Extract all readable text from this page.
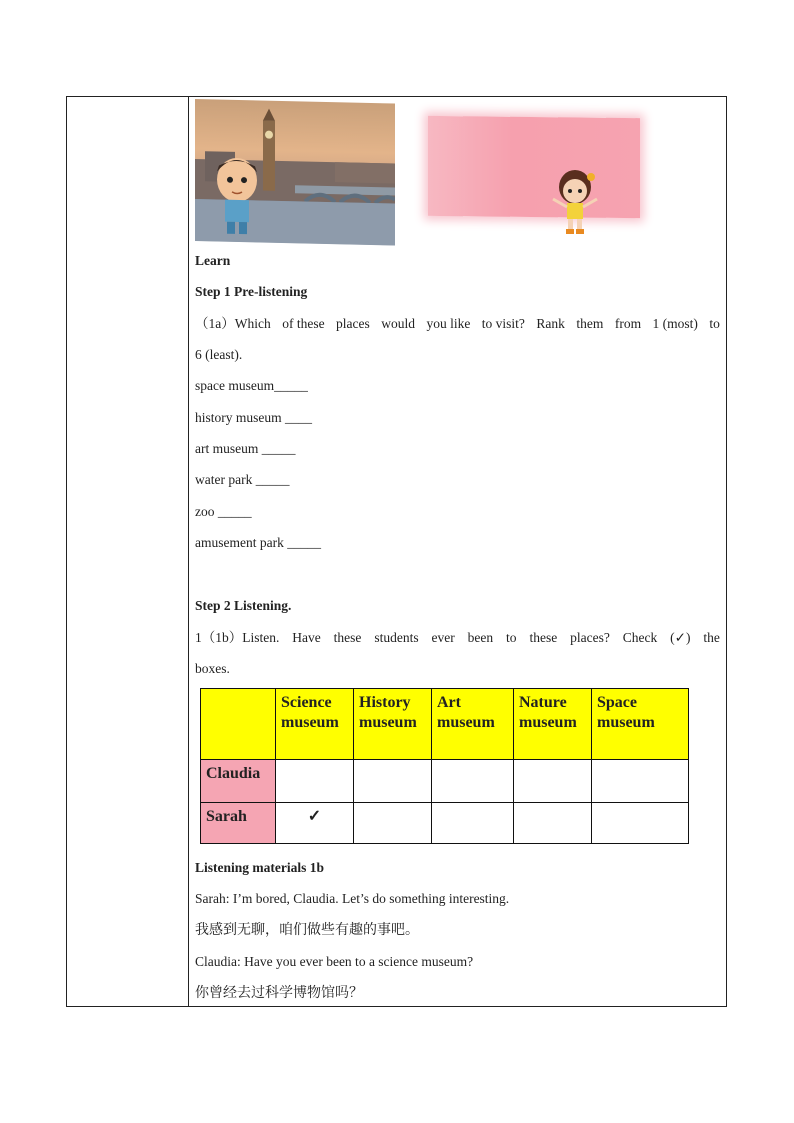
Learn
Step 1 Pre-listening
（1a）Which of these places would you like to visit? Rank them from 1 (most) to
6 (least).
space museum_____
history museum ____
art museum _____
water park _____
zoo _____
amusement park _____
Step 2 Listening.
1（1b）Listen. Have these students ever been to these places? Check (✓) the
boxes.
	Science museum	History museum	Art museum	Nature museum	Space museum
Claudia					
Sarah	✓				
Listening materials 1b
Sarah: I’m bored, Claudia. Let’s do something interesting.
我感到无聊，咱们做些有趣的事吧。
Claudia: Have you ever been to a science museum?
你曾经去过科学博物馆吗？
